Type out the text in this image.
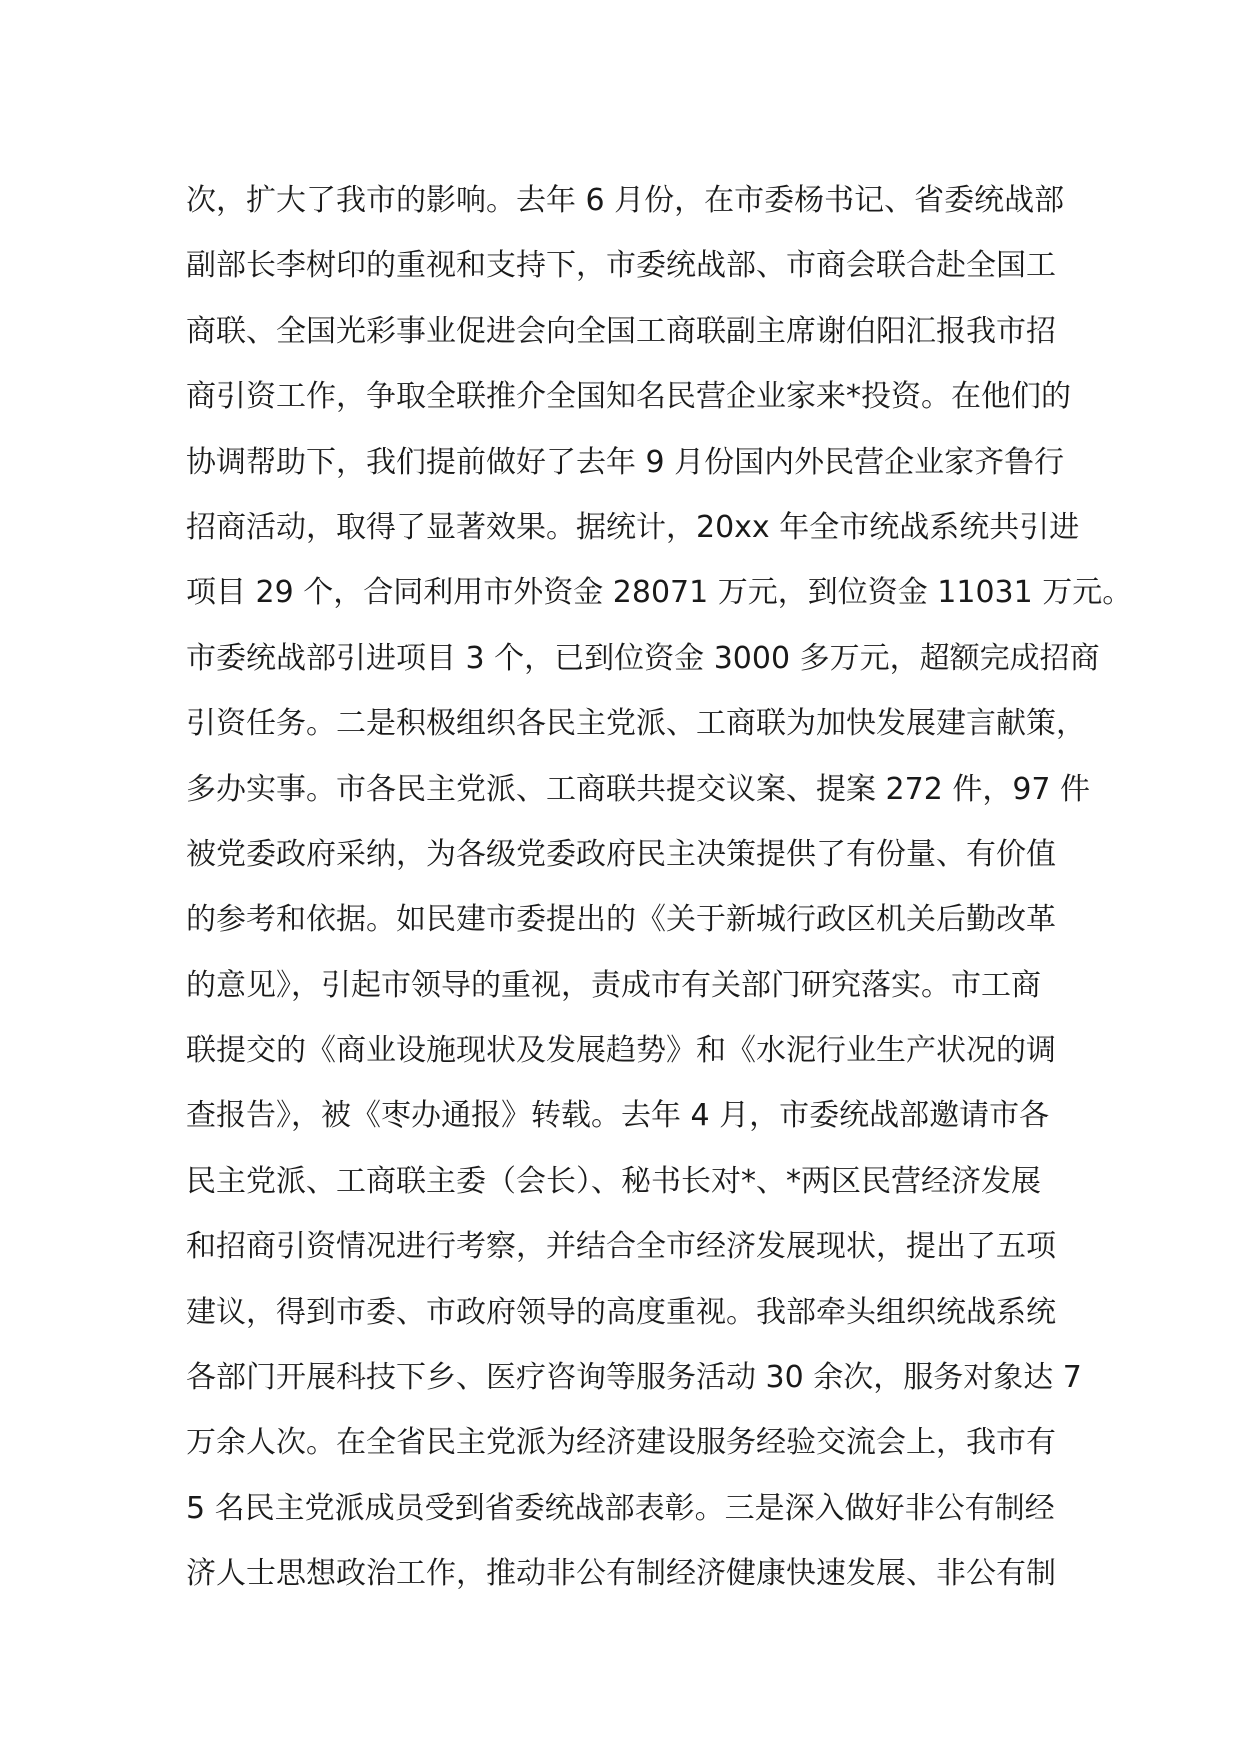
次，扩大了我市的影响。去年 6 月份，在市委杨书记、省委统战部
副部长李树印的重视和支持下，市委统战部、市商会联合赴全国工
商联、全国光彩事业促进会向全国工商联副主席谢伯阳汇报我市招
商引资工作，争取全联推介全国知名民营企业家来*投资。在他们的
协调帮助下，我们提前做好了去年 9 月份国内外民营企业家齐鲁行
招商活动，取得了显著效果。据统计，20xx 年全市统战系统共引进
项目 29 个，合同利用市外资金 28071 万元，到位资金 11031 万元。
市委统战部引进项目 3 个，已到位资金 3000 多万元，超额完成招商
引资任务。二是积极组织各民主党派、工商联为加快发展建言献策，
多办实事。市各民主党派、工商联共提交议案、提案 272 件，97 件
被党委政府采纳，为各级党委政府民主决策提供了有份量、有价值
的参考和依据。如民建市委提出的《关于新城行政区机关后勤改革
的意见》，引起市领导的重视，责成市有关部门研究落实。市工商
联提交的《商业设施现状及发展趋势》和《水泥行业生产状况的调
查报告》，被《枣办通报》转载。去年 4 月，市委统战部邀请市各
民主党派、工商联主委（会长）、秘书长对*、*两区民营经济发展
和招商引资情况进行考察，并结合全市经济发展现状，提出了五项
建议，得到市委、市政府领导的高度重视。我部牵头组织统战系统
各部门开展科技下乡、医疗咨询等服务活动 30 余次，服务对象达 7
万余人次。在全省民主党派为经济建设服务经验交流会上，我市有
5 名民主党派成员受到省委统战部表彰。三是深入做好非公有制经
济人士思想政治工作，推动非公有制经济健康快速发展、非公有制
